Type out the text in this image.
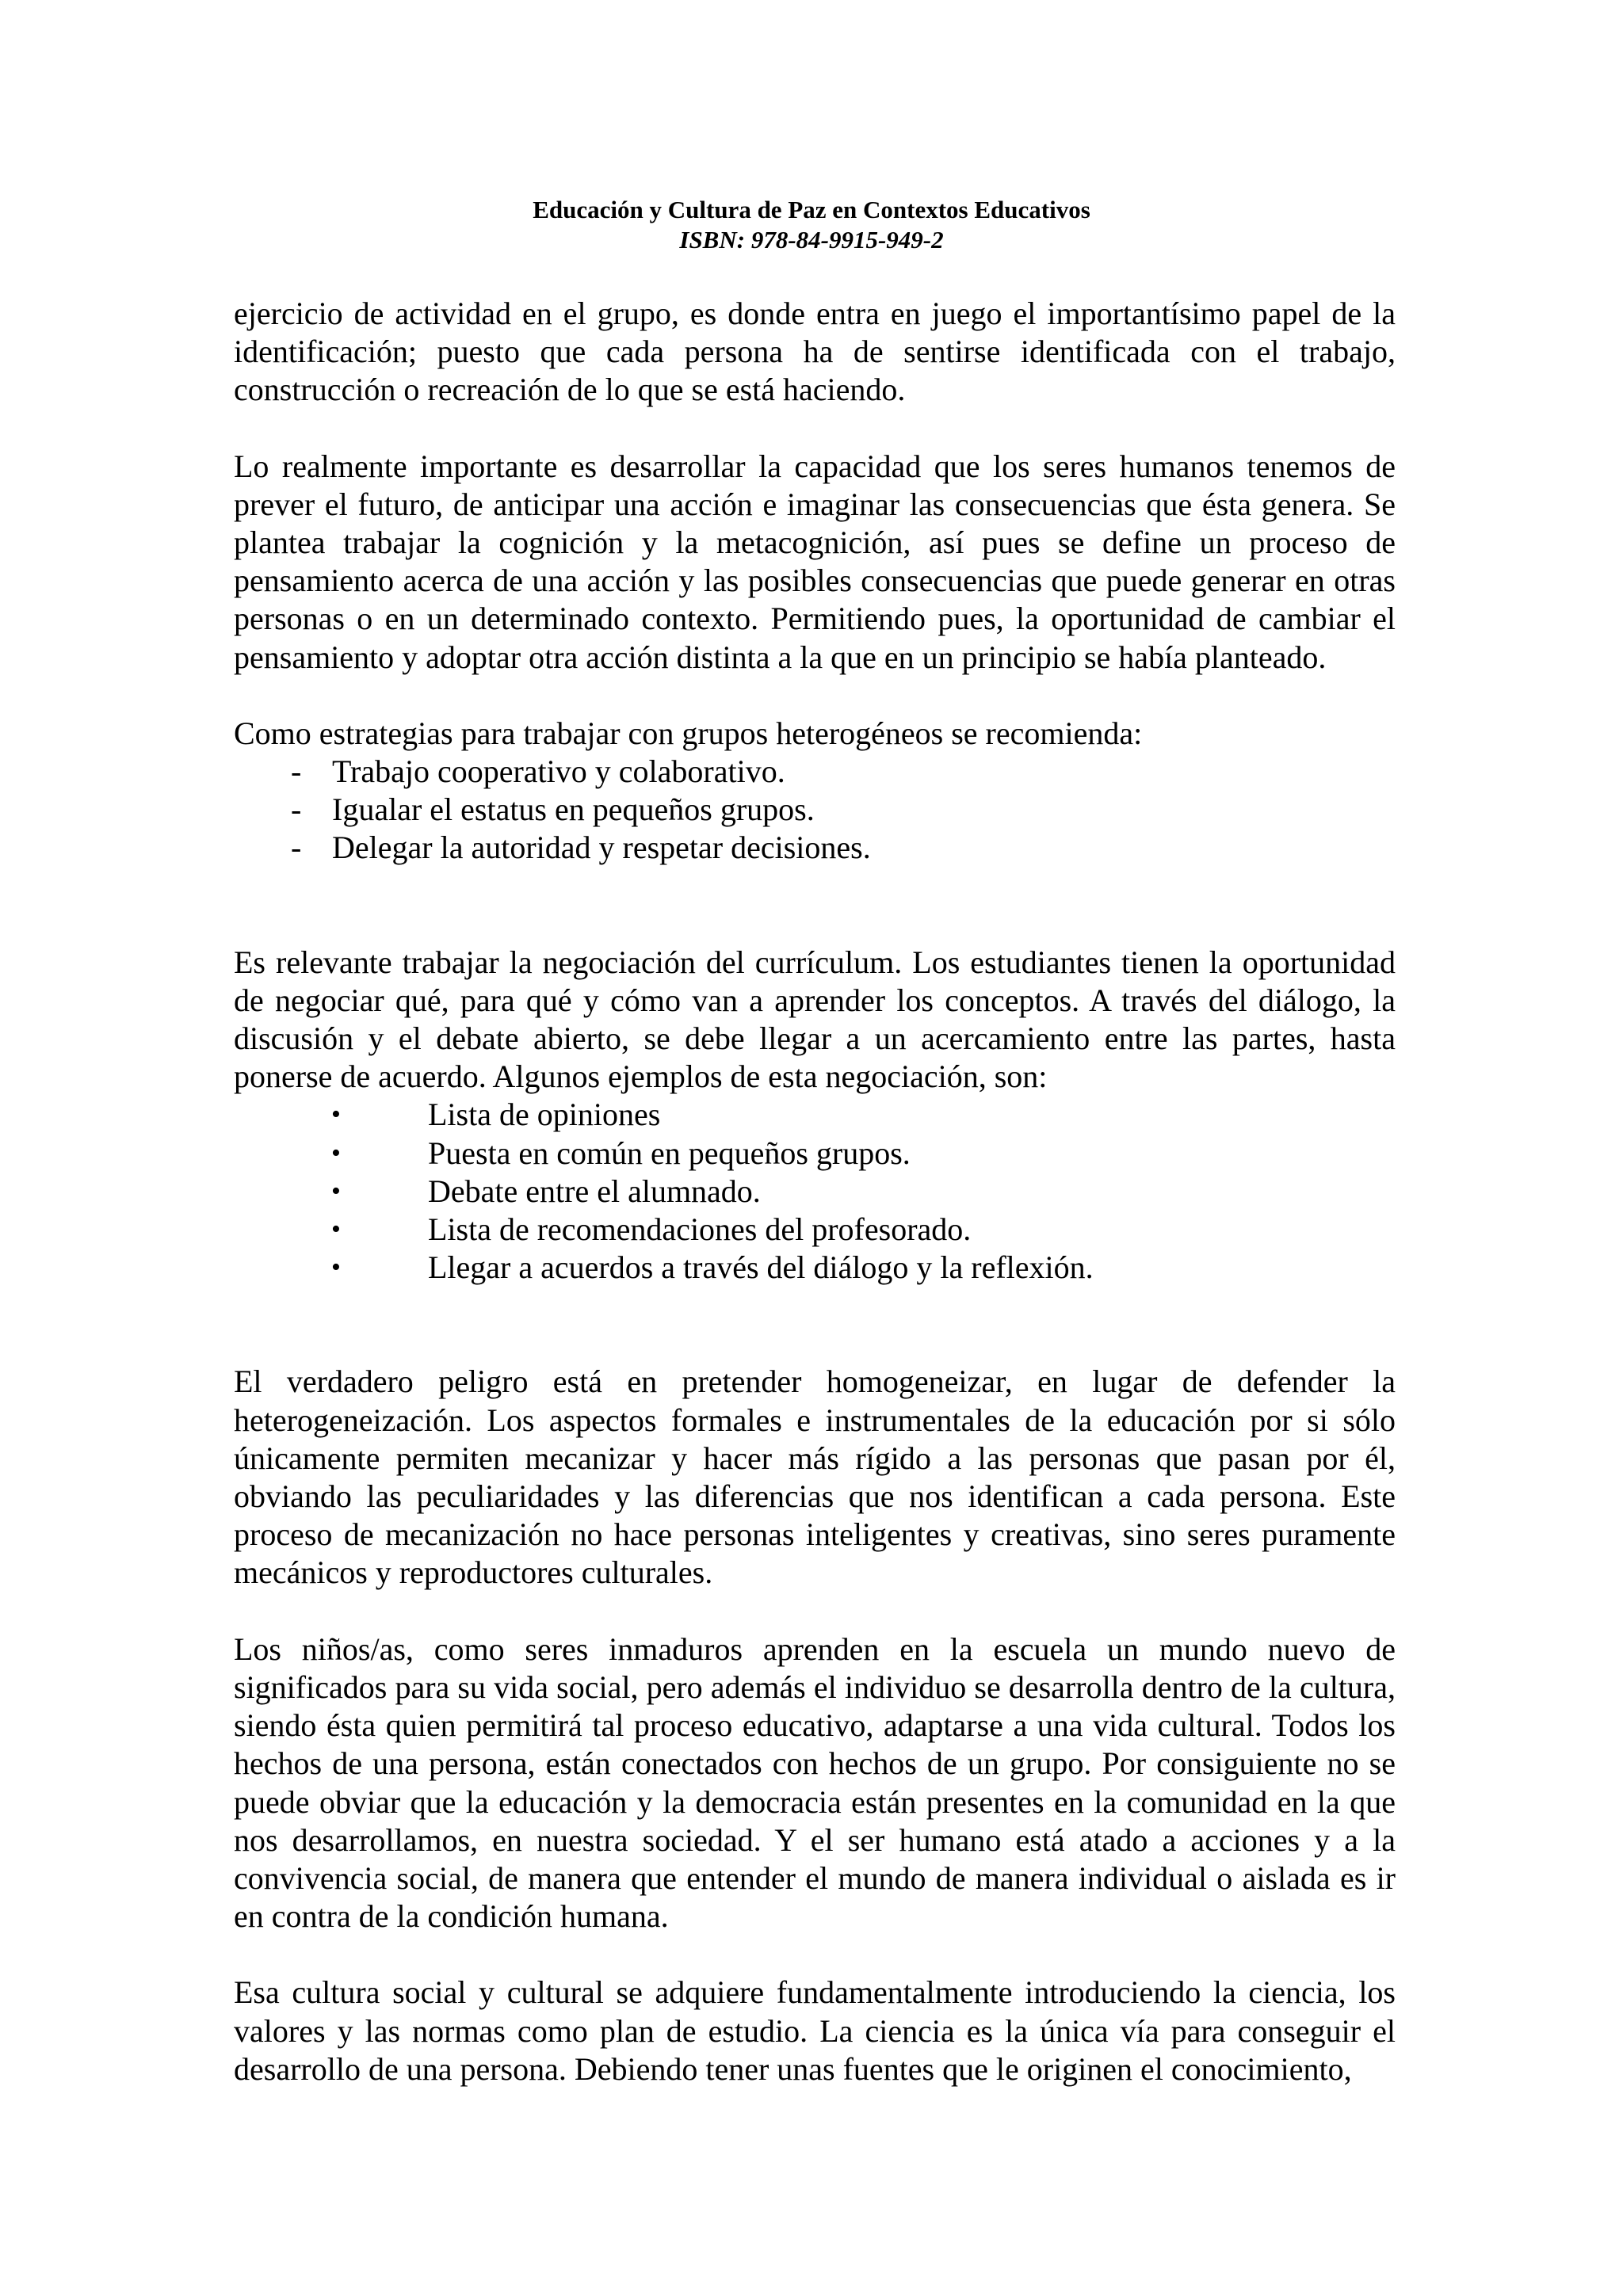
Educación y Cultura de Paz en Contextos Educativos
ISBN: 978-84-9915-949-2

ejercicio de actividad en el grupo, es donde entra en juego el importantísimo papel de la identificación; puesto que cada persona ha de sentirse identificada con el trabajo, construcción o recreación de lo que se está haciendo.

Lo realmente importante es desarrollar la capacidad que los seres humanos tenemos de prever el futuro, de anticipar una acción e imaginar las consecuencias que ésta genera. Se plantea trabajar la cognición y la metacognición, así pues se define un proceso de pensamiento acerca de una acción y las posibles consecuencias que puede generar en otras personas o en un determinado contexto. Permitiendo pues, la oportunidad de cambiar el pensamiento y adoptar otra acción distinta a la que en un principio se había planteado.

Como estrategias para trabajar con grupos heterogéneos se recomienda:

- Trabajo cooperativo y colaborativo.
- Igualar el estatus en pequeños grupos.
- Delegar la autoridad y respetar decisiones.

Es relevante trabajar la negociación del currículum. Los estudiantes tienen la oportunidad de negociar qué, para qué y cómo van a aprender los conceptos. A través del diálogo, la discusión y el debate abierto, se debe llegar a un acercamiento entre las partes, hasta ponerse de acuerdo. Algunos ejemplos de esta negociación, son:

•	Lista de opiniones
•	Puesta en común en pequeños grupos.
•	Debate entre el alumnado.
•	Lista de recomendaciones del profesorado.
•	Llegar a acuerdos a través del diálogo y la reflexión.

El verdadero peligro está en pretender homogeneizar, en lugar de defender la heterogeneización. Los aspectos formales e instrumentales de la educación por si sólo únicamente permiten mecanizar y hacer más rígido a las personas que pasan por él, obviando las peculiaridades y las diferencias que nos identifican a cada persona. Este proceso de mecanización no hace personas inteligentes y creativas, sino seres puramente mecánicos y reproductores culturales.

Los niños/as, como seres inmaduros aprenden en la escuela un mundo nuevo de significados para su vida social, pero además el individuo se desarrolla dentro de la cultura, siendo ésta quien permitirá tal proceso educativo, adaptarse a una vida cultural. Todos los hechos de una persona, están conectados con hechos de un grupo. Por consiguiente no se puede obviar que la educación y la democracia están presentes en la comunidad en la que nos desarrollamos, en nuestra sociedad. Y el ser humano está atado a acciones y a la convivencia social, de manera que entender el mundo de manera individual o aislada es ir en contra de la condición humana.

Esa cultura social y cultural se adquiere fundamentalmente introduciendo la ciencia, los valores y las normas como plan de estudio. La ciencia es la única vía para conseguir el desarrollo de una persona. Debiendo tener unas fuentes que le originen el conocimiento,
